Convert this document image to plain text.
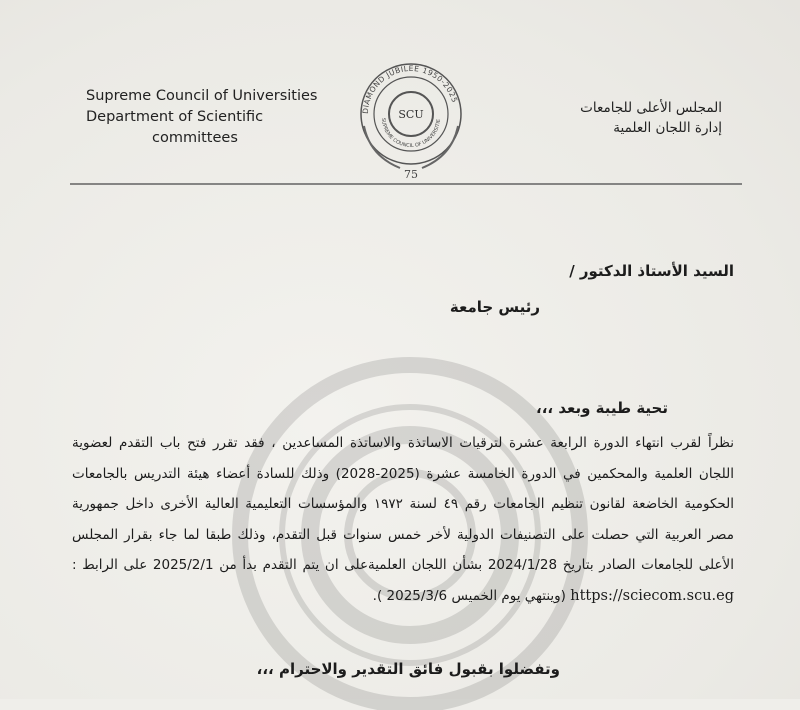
Supreme Council of Universities
Department of Scientific
committees
DIAMOND JUBILEE 1950-2025
SUPREME COUNCIL OF UNIVERSITIE
SCU
75
المجلس الأعلى للجامعات
إدارة اللجان العلمية
السيد الأستاذ الدكتور /
رئيس جامعة
تحية طيبة وبعد ،،،
نظراً لقرب انتهاء الدورة الرابعة عشرة لترقيات الاساتذة والاساتذة المساعدين ، فقد تقرر فتح باب التقدم لعضوية
اللجان العلمية والمحكمين في الدورة الخامسة عشرة (2025-2028) وذلك للسادة أعضاء هيئة التدريس بالجامعات
الحكومية الخاضعة لقانون تنظيم الجامعات رقم ٤٩ لسنة ١٩٧٢ والمؤسسات التعليمية العالية الأخرى داخل جمهورية
مصر العربية التي حصلت على التصنيفات الدولية لأخر خمس سنوات قبل التقدم، وذلك طبقا لما جاء بقرار المجلس
الأعلى للجامعات الصادر بتاريخ 2024/1/28 بشأن اللجان العلميةعلى ان يتم التقدم بدأ من 2025/2/1 على الرابط :
https://sciecom.scu.eg (وينتهي يوم الخميس 2025/3/6 ).
وتفضلوا بقبول فائق التقدير والاحترام ،،،
